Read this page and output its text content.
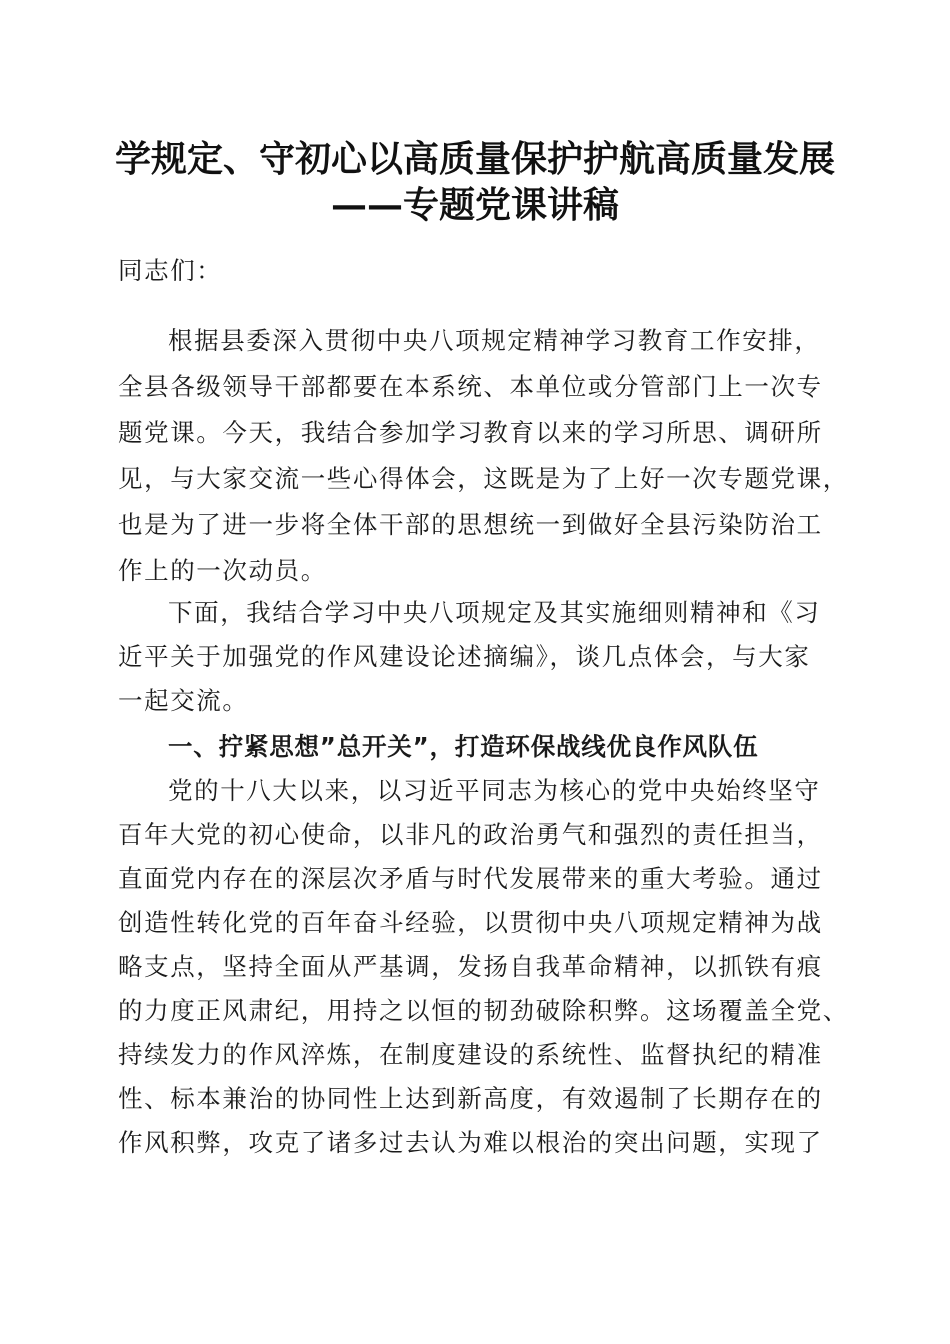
学规定、守初心以高质量保护护航高质量发展
——专题党课讲稿

同志们：

根据县委深入贯彻中央八项规定精神学习教育工作安排，

全县各级领导干部都要在本系统、本单位或分管部门上一次专

题党课。今天，我结合参加学习教育以来的学习所思、调研所

见，与大家交流一些心得体会，这既是为了上好一次专题党课，

也是为了进一步将全体干部的思想统一到做好全县污染防治工

作上的一次动员。

下面，我结合学习中央八项规定及其实施细则精神和《习

近平关于加强党的作风建设论述摘编》，谈几点体会，与大家

一起交流。

一、拧紧思想”总开关”，打造环保战线优良作风队伍

党的十八大以来，以习近平同志为核心的党中央始终坚守

百年大党的初心使命，以非凡的政治勇气和强烈的责任担当，

直面党内存在的深层次矛盾与时代发展带来的重大考验。通过

创造性转化党的百年奋斗经验，以贯彻中央八项规定精神为战

略支点，坚持全面从严基调，发扬自我革命精神，以抓铁有痕

的力度正风肃纪，用持之以恒的韧劲破除积弊。这场覆盖全党、

持续发力的作风淬炼，在制度建设的系统性、监督执纪的精准

性、标本兼治的协同性上达到新高度，有效遏制了长期存在的

作风积弊，攻克了诸多过去认为难以根治的突出问题，实现了
